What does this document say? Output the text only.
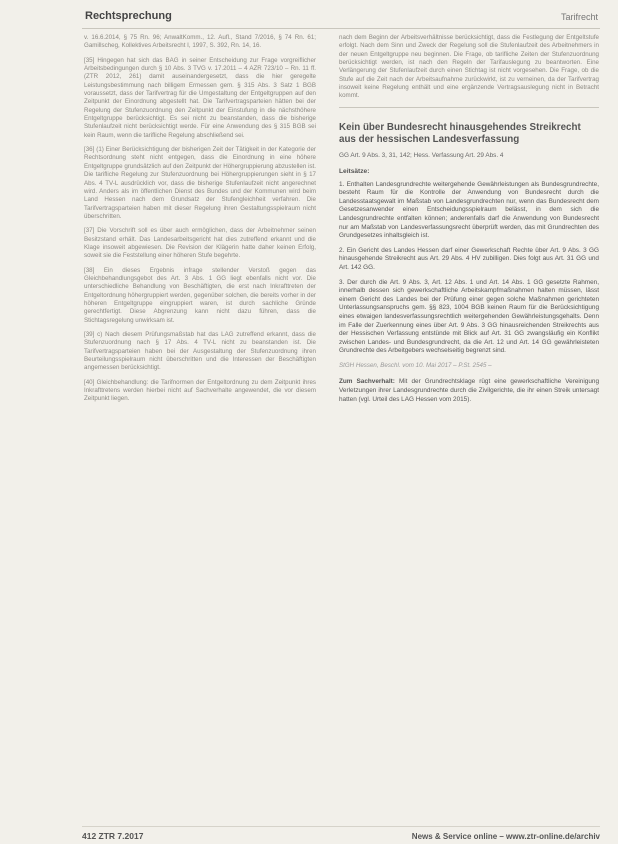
Rechtsprechung	Tarifrecht

v. 16.6.2014, § 75 Rn. 96; AnwaltKomm., 12. Aufl., Stand 7/2016, § 74 Rn. 61; Gamillscheg, Kollektives Arbeitsrecht I, 1997, S. 392, Rn. 14, 16.

[35] Hingegen hat sich das BAG in seiner Entscheidung zur Frage vorgreiflicher Arbeitsbedingungen durch § 10 Abs. 3 TVG v. 17.2011 – 4 AZR 723/10 – Rn. 11 ff. (ZTR 2012, 261) damit auseinandergesetzt, dass die hier geregelte Leistungsbestimmung nach billigem Ermessen gem. § 315 Abs. 3 Satz 1 BGB voraussetzt, dass der Tarifvertrag für die Umgestaltung der Entgeltgruppen auf den Zeitpunkt der Einordnung abgestellt hat. Die Tarifvertragsparteien hätten bei der Regelung der Stufenzuordnung den Zeitpunkt der Einstufung in die nächsthöhere Entgeltgruppe berücksichtigt. Es sei nicht zu beanstanden, dass die bisherige Stufenlaufzeit nicht berücksichtigt werde. Für eine Anwendung des § 315 BGB sei kein Raum, wenn die tarifliche Regelung abschließend sei.

[36] (1) Einer Berücksichtigung der bisherigen Zeit der Tätigkeit in der Kategorie der Rechtsordnung steht nicht entgegen, dass die Einordnung in eine höhere Entgeltgruppe grundsätzlich auf den Zeitpunkt der Höhergruppierung abzustellen ist. Die tarifliche Regelung zur Stufenzuordnung bei Höhergruppierungen sieht in § 17 Abs. 4 TV-L ausdrücklich vor, dass die bisherige Stufenlaufzeit nicht angerechnet wird. Anders als im öffentlichen Dienst des Bundes und der Kommunen wird beim Land Hessen nach dem Grundsatz der Stufengleichheit verfahren. Die Tarifvertragsparteien haben mit dieser Regelung ihren Gestaltungsspielraum nicht überschritten.

[37] Die Vorschrift soll es über auch ermöglichen, dass der Arbeitnehmer seinen Besitzstand erhält. Das Landesarbeitsgericht hat dies zutreffend erkannt und die Klage insoweit abgewiesen. Die Revision der Klägerin hatte daher keinen Erfolg, soweit sie die Feststellung einer höheren Stufe begehrte.

[38] Ein dieses Ergebnis infrage stellender Verstoß gegen das Gleichbehandlungsgebot des Art. 3 Abs. 1 GG liegt ebenfalls nicht vor. Die unterschiedliche Behandlung von Beschäftigten, die erst nach Inkrafttreten der Entgeltordnung höhergruppiert werden, gegenüber solchen, die bereits vorher in der höheren Entgeltgruppe eingruppiert waren, ist durch sachliche Gründe gerechtfertigt. Diese Abgrenzung kann nicht dazu führen, dass die Stichtagsregelung unwirksam ist.

[39] c) Nach diesem Prüfungsmaßstab hat das LAG zutreffend erkannt, dass die Stufenzuordnung nach § 17 Abs. 4 TV-L nicht zu beanstanden ist. Die Tarifvertragsparteien haben bei der Ausgestaltung der Stufenzuordnung ihren Beurteilungsspielraum nicht überschritten und die Interessen der Beschäftigten angemessen berücksichtigt.

[40] Gleichbehandlung: die Tarifnormen der Entgeltordnung zu dem Zeitpunkt ihres Inkrafttretens werden hierbei nicht auf Sachverhalte angewendet, die vor diesem Zeitpunkt liegen.

nach dem Beginn der Arbeitsverhältnisse berücksichtigt, dass die Festlegung der Entgeltstufe erfolgt. Nach dem Sinn und Zweck der Regelung soll die Stufenlaufzeit des Arbeitnehmers in der neuen Entgeltgruppe neu beginnen. Die Frage, ob tarifliche Zeiten der Stufenzuordnung berücksichtigt werden, ist nach den Regeln der Tarifauslegung zu beantworten. Eine Verlängerung der Stufenlaufzeit durch einen Stichtag ist nicht vorgesehen. Die Frage, ob die Stufe auf die Zeit nach der Arbeitsaufnahme zurückwirkt, ist zu verneinen, da der Tarifvertrag insoweit keine Regelung enthält und eine ergänzende Vertragsauslegung nicht in Betracht kommt.

Kein über Bundesrecht hinausgehendes Streikrecht aus der hessischen Landesverfassung
GG Art. 9 Abs. 3, 31, 142; Hess. Verfassung Art. 29 Abs. 4
Leitsätze:

1. Enthalten Landesgrundrechte weitergehende Gewährleistungen als Bundesgrundrechte, besteht Raum für die Kontrolle der Anwendung von Bundesrecht durch die Landesstaatsgewalt im Maßstab von Landesgrundrechten nur, wenn das Bundesrecht dem Gesetzesanwender einen Entscheidungsspielraum belässt, in dem sich die Landesgrundrechte entfalten können; anderenfalls darf die Anwendung von Bundesrecht nur am Maßstab von Landesverfassungsrecht überprüft werden, das mit Grundrechten des Grundgesetzes inhaltsgleich ist.

2. Ein Gericht des Landes Hessen darf einer Gewerkschaft Rechte über Art. 9 Abs. 3 GG hinausgehende Streikrecht aus Art. 29 Abs. 4 HV zubilligen. Dies folgt aus Art. 31 GG und Art. 142 GG.

3. Der durch die Art. 9 Abs. 3, Art. 12 Abs. 1 und Art. 14 Abs. 1 GG gesetzte Rahmen, innerhalb dessen sich gewerkschaftliche Arbeitskampfmaßnahmen halten müssen, lässt einem Gericht des Landes bei der Prüfung einer gegen solche Maßnahmen gerichteten Unterlassungsanspruchs gem. §§ 823, 1004 BGB keinen Raum für die Berücksichtigung eines etwaigen landesverfassungsrechtlich weitergehenden Gewährleistungsgehalts. Denn im Falle der Zuerkennung eines über Art. 9 Abs. 3 GG hinausreichenden Streikrechts aus der Hessischen Verfassung entstünde mit Blick auf Art. 31 GG zwangsläufig ein Konflikt zwischen Landes- und Bundesgrundrecht, da die Art. 12 und Art. 14 GG gewährleisteten Grundrechte des Arbeitgebers wechselseitig begrenzt sind.

StGH Hessen, Beschl. vom 10. Mai 2017 – P.St. 2545 –

Zum Sachverhalt: Mit der Grundrechtsklage rügt eine gewerkschaftliche Vereinigung Verletzungen ihrer Landesgrundrechte durch die Zivilgerichte, die ihr einen Streik untersagt hatten (vgl. Urteil des LAG Hessen vom 2015).

412 ZTR 7.2017	News & Service online – www.ztr-online.de/archiv
